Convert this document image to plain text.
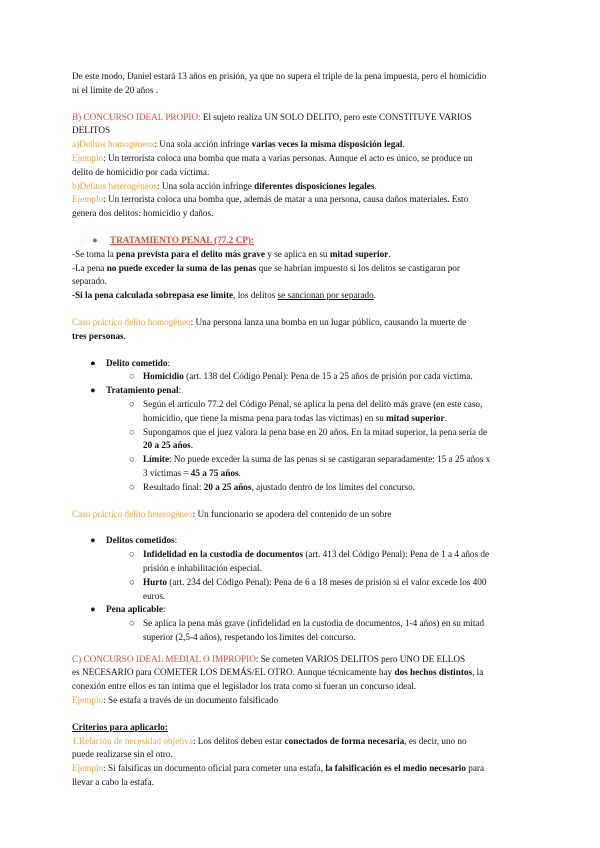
De este modo, Daniel estará 13 años en prisión, ya que no supera el triple de la pena impuesta, pero el homicidio

ni el límite de 20 años .

B) CONCURSO IDEAL PROPIO: El sujeto realiza UN SOLO DELITO, pero este CONSTITUYE VARIOS

DELITOS

a)Delitos homogéneos: Una sola acción infringe varias veces la misma disposición legal.

Ejemplo: Un terrorista coloca una bomba que mata a varias personas. Aunque el acto es único, se produce un

delito de homicidio por cada víctima.

b)Delitos heterogéneos: Una sola acción infringe diferentes disposiciones legales.

Ejemplo: Un terrorista coloca una bomba que, además de matar a una persona, causa daños materiales. Esto

genera dos delitos: homicidio y daños.

● TRATAMIENTO PENAL (77.2 CP):

-Se toma la pena prevista para el delito más grave y se aplica en su mitad superior.

-La pena no puede exceder la suma de las penas que se habrían impuesto si los delitos se castigaran por

separado.

-Si la pena calculada sobrepasa ese límite, los delitos se sancionan por separado.

Caso práctico delito homogéneo: Una persona lanza una bomba en un lugar público, causando la muerte de

tres personas.

● Delito cometido:

○ Homicidio (art. 138 del Código Penal): Pena de 15 a 25 años de prisión por cada víctima.

● Tratamiento penal:

○ Según el artículo 77.2 del Código Penal, se aplica la pena del delito más grave (en este caso,

homicidio, que tiene la misma pena para todas las víctimas) en su mitad superior.

○ Supongamos que el juez valora la pena base en 20 años. En la mitad superior, la pena sería de

20 a 25 años.

○ Límite: No puede exceder la suma de las penas si se castigaran separadamente: 15 a 25 años x

3 víctimas = 45 a 75 años.

○ Resultado final: 20 a 25 años, ajustado dentro de los límites del concurso.

Caso práctico delito heterogéneo: Un funcionario se apodera del contenido de un sobre

● Delitos cometidos:

○ Infidelidad en la custodia de documentos (art. 413 del Código Penal): Pena de 1 a 4 años de

prisión e inhabilitación especial.

○ Hurto (art. 234 del Código Penal): Pena de 6 a 18 meses de prisión si el valor excede los 400

euros.

● Pena aplicable:

○ Se aplica la pena más grave (infidelidad en la custodia de documentos, 1-4 años) en su mitad

superior (2,5-4 años), respetando los límites del concurso.

C) CONCURSO IDEAL MEDIAL O IMPROPIO: Se cometen VARIOS DELITOS pero UNO DE ELLOS

es NECESARIO para COMETER LOS DEMÁS/EL OTRO. Aunque técnicamente hay dos hechos distintos, la

conexión entre ellos es tan íntima que el legislador los trata como si fueran un concurso ideal.

Ejemplo: Se estafa a través de un documento falsificado

Criterios para aplicarlo:

1.Relación de necesidad objetiva: Los delitos deben estar conectados de forma necesaria, es decir, uno no

puede realizarse sin el otro.

Ejemplo: Si falsificas un documento oficial para cometer una estafa, la falsificación es el medio necesario para

llevar a cabo la estafa.
